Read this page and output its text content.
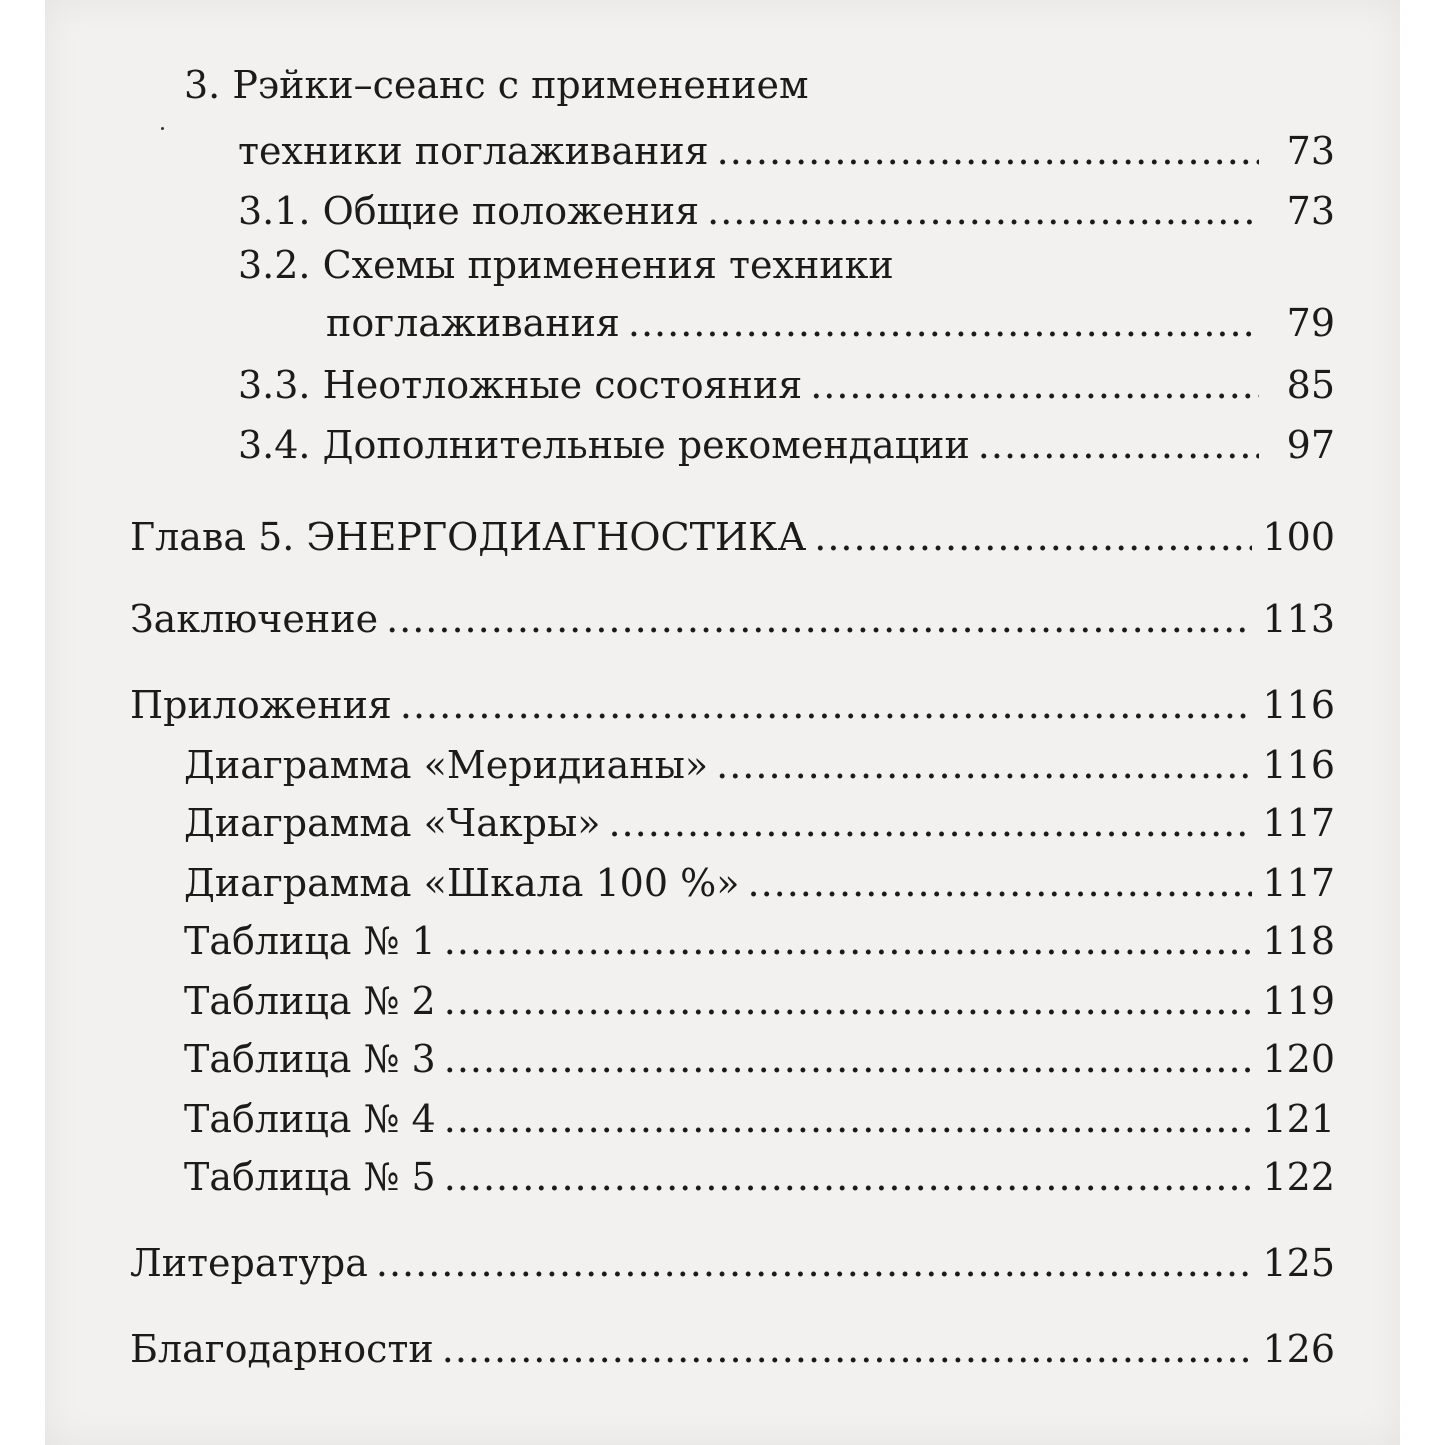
3. Рэйки–сеанс с применением
техники поглаживания .....	73
3.1. Общие положения .....	73
3.2. Схемы применения техники
поглаживания .....	79
3.3. Неотложные состояния .....	85
3.4. Дополнительные рекомендации .....	97
Глава 5. ЭНЕРГОДИАГНОСТИКА .....	100
Заключение .....	113
Приложения .....	116
Диаграмма «Меридианы» .....	116
Диаграмма «Чакры» .....	117
Диаграмма «Шкала 100 %» .....	117
Таблица № 1 .....	118
Таблица № 2 .....	119
Таблица № 3 .....	120
Таблица № 4 .....	121
Таблица № 5 .....	122
Литература .....	125
Благодарности .....	126
